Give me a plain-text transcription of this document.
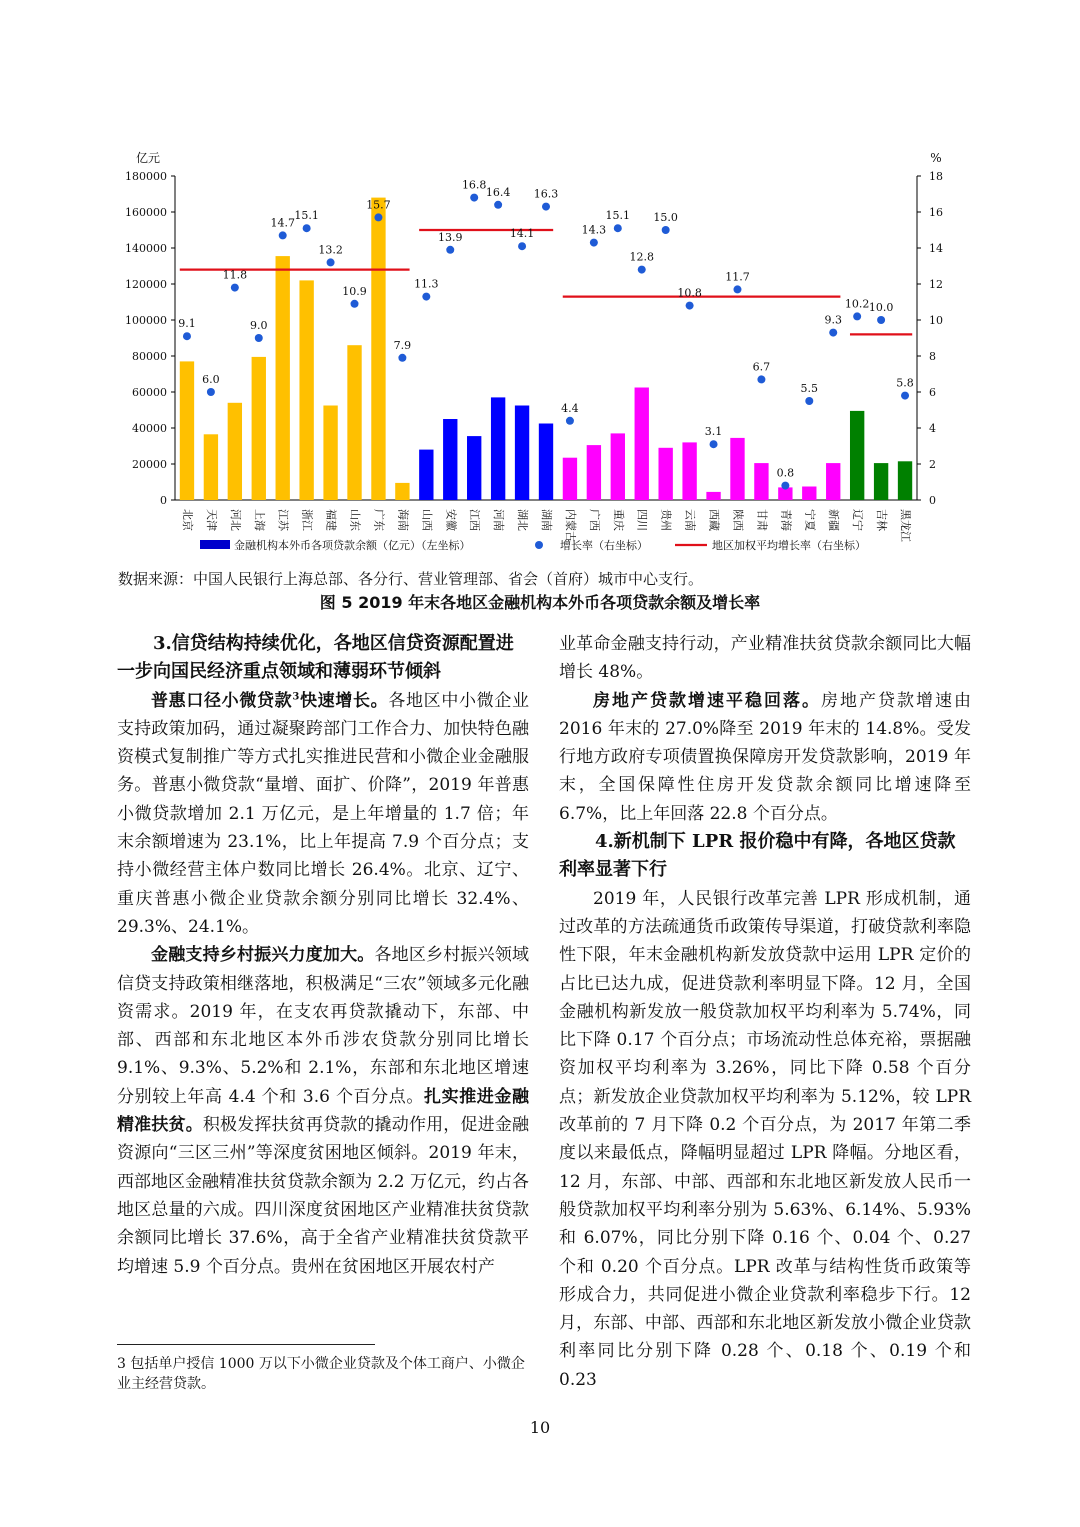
0
20000
40000
60000
80000
100000
120000
140000
160000
180000
0
2
4
6
8
10
12
14
16
18
亿元	%
9.1
6.0
11.8
9.0
14.7
15.1
13.2
10.9
15.7
7.9
11.3
13.9
16.8
16.4
14.1
16.3
4.4
14.3
15.1
12.8
15.0
10.8
3.1
11.7
6.7
0.8
5.5
9.3
10.2 10.0
5.8
北京 天津 河北 上海 江苏 浙江 福建 山东 广东 海南 山西 安徽 江西 河南 湖北 湖南 内蒙古 广西 重庆 四川 贵州 云南 西藏 陕西 甘肃 青海 宁夏 新疆 辽宁 吉林 黑龙江
金融机构本外币各项贷款余额（亿元）（左坐标）	增长率（右坐标）	地区加权平均增长率（右坐标）

数据来源：中国人民银行上海总部、各分行、营业管理部、省会（首府）城市中心支行。

图 5 2019 年末各地区金融机构本外币各项贷款余额及增长率

3.信贷结构持续优化，各地区信贷资源配置进一步向国民经济重点领域和薄弱环节倾斜

普惠口径小微贷款$^3$快速增长。各地区中小微企业支持政策加码，通过凝聚跨部门工作合力、加快特色融资模式复制推广等方式扎实推进民营和小微企业金融服务。普惠小微贷款“量增、面扩、价降”，2019 年普惠小微贷款增加 2.1 万亿元，是上年增量的 1.7 倍；年末余额增速为 23.1%，比上年提高 7.9 个百分点；支持小微经营主体户数同比增长 26.4%。北京、辽宁、重庆普惠小微企业贷款余额分别同比增长 32.4%、29.3%、24.1%。

金融支持乡村振兴力度加大。各地区乡村振兴领域信贷支持政策相继落地，积极满足“三农”领域多元化融资需求。2019 年，在支农再贷款撬动下，东部、中部、西部和东北地区本外币涉农贷款分别同比增长 9.1%、9.3%、5.2%和 2.1%，东部和东北地区增速分别较上年高 4.4 个和 3.6 个百分点。扎实推进金融精准扶贫。积极发挥扶贫再贷款的撬动作用，促进金融资源向“三区三州”等深度贫困地区倾斜。2019 年末，西部地区金融精准扶贫贷款余额为 2.2 万亿元，约占各地区总量的六成。四川深度贫困地区产业精准扶贫贷款余额同比增长 37.6%，高于全省产业精准扶贫贷款平均增速 5.9 个百分点。贵州在贫困地区开展农村产

业革命金融支持行动，产业精准扶贫贷款余额同比大幅增长 48%。

房地产贷款增速平稳回落。房地产贷款增速由 2016 年末的 27.0%降至 2019 年末的 14.8%。受发行地方政府专项债置换保障房开发贷款影响，2019 年末，全国保障性住房开发贷款余额同比增速降至 6.7%，比上年回落 22.8 个百分点。

4.新机制下 LPR 报价稳中有降，各地区贷款利率显著下行

2019 年，人民银行改革完善 LPR 形成机制，通过改革的方法疏通货币政策传导渠道，打破贷款利率隐性下限，年末金融机构新发放贷款中运用 LPR 定价的占比已达九成，促进贷款利率明显下降。12 月，全国金融机构新发放一般贷款加权平均利率为 5.74%，同比下降 0.17 个百分点；市场流动性总体充裕，票据融资加权平均利率为 3.26%，同比下降 0.58 个百分点；新发放企业贷款加权平均利率为 5.12%，较 LPR 改革前的 7 月下降 0.2 个百分点，为 2017 年第二季度以来最低点，降幅明显超过 LPR 降幅。分地区看，12 月，东部、中部、西部和东北地区新发放人民币一般贷款加权平均利率分别为 5.63%、6.14%、5.93%和 6.07%，同比分别下降 0.16 个、0.04 个、0.27 个和 0.20 个百分点。LPR 改革与结构性货币政策等形成合力，共同促进小微企业贷款利率稳步下行。12 月，东部、中部、西部和东北地区新发放小微企业贷款利率同比分别下降 0.28 个、0.18 个、0.19 个和 0.23

3 包括单户授信 1000 万以下小微企业贷款及个体工商户、小微企业主经营贷款。

10
